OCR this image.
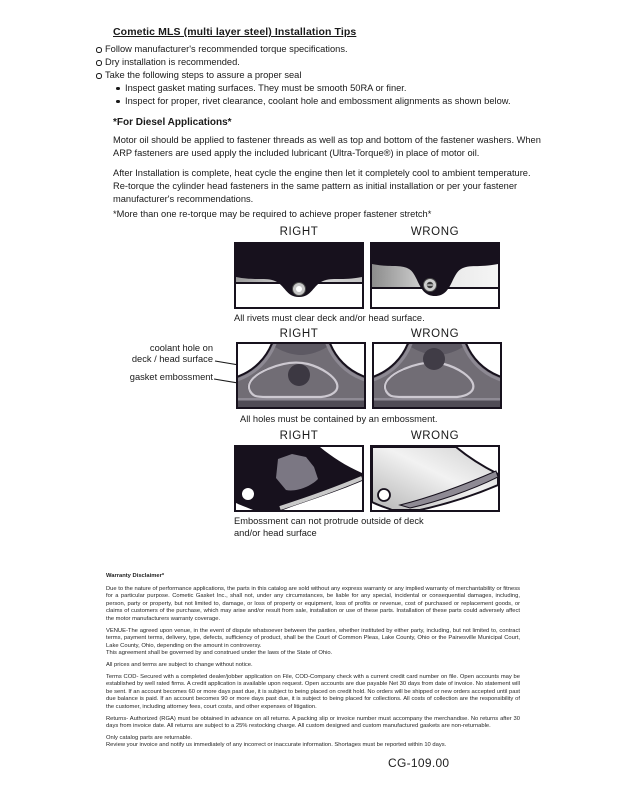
Cometic MLS (multi layer steel) Installation Tips
Follow manufacturer's recommended torque specifications.
Dry installation is recommended.
Take the following steps to assure a proper seal
Inspect gasket mating surfaces. They must be smooth 50RA or finer.
Inspect for proper, rivet clearance, coolant hole and embossment alignments as shown below.
*For Diesel Applications*
Motor oil should be applied to fastener threads as well as top and bottom of the fastener washers. When ARP fasteners are used apply the included lubricant (Ultra-Torque®) in place of motor oil.
After Installation is complete, heat cycle the engine then let it completely cool to ambient temperature. Re-torque the cylinder head fasteners in the same pattern as initial installation or per your fastener manufacturer's recommendations.
*More than one re-torque may be required to achieve proper fastener stretch*
RIGHT	WRONG
All rivets must clear deck and/or head surface.
coolant hole on
deck / head surface
gasket embossment
RIGHT	WRONG
All holes must be contained by an embossment.
RIGHT	WRONG
Embossment can not protrude outside of deck
and/or head surface

Warranty Disclaimer*

Due to the nature of performance applications, the parts in this catalog are sold without any express warranty or any implied warranty of merchantability or fitness for a particular purpose. Cometic Gasket Inc., shall not, under any circumstances, be liable for any special, incidental or consequential damages, including, person, party or property, but not limited to, damage, or loss of property or equipment, loss of profits or revenue, cost of purchased or replacement goods, or claims of customers of the purchase, which may arise and/or result from sale, installation or use of these parts. Installation of these parts could adversely affect the motor manufacturers warranty coverage.

VENUE-The agreed upon venue, in the event of dispute whatsoever between the parties, whether instituted by either party, including, but not limited to, contract terms, payment terms, delivery, type, defects, sufficiency of product, shall be the Court of Common Pleas, Lake County, Ohio or the Painesville Municipal Court, Lake County, Ohio, depending on the amount in controversy.
This agreement shall be governed by and construed under the laws of the State of Ohio.

All prices and terms are subject to change without notice.

Terms COD- Secured with a completed dealer/jobber application on File, COD-Company check with a current credit card number on file. Open accounts may be established by well rated firms. A credit application is available upon request. Open accounts are due payable Net 30 days from date of invoice. No statement will be sent. If an account becomes 60 or more days past due, it is subject to being placed on credit hold. No orders will be shipped or new orders accepted until past due balance is paid. If an account becomes 90 or more days past due, it is subject to being placed for collections. All costs of collection are the responsibility of the customer, including attorney fees, court costs, and other expenses of litigation.

Returns- Authorized (RGA) must be obtained in advance on all returns. A packing slip or invoice number must accompany the merchandise. No returns after 30 days from invoice date. All returns are subject to a 25% restocking charge. All custom designed and custom manufactured gaskets are non-returnable.

Only catalog parts are returnable.
Review your invoice and notify us immediately of any incorrect or inaccurate information. Shortages must be reported within 10 days.

CG-109.00
